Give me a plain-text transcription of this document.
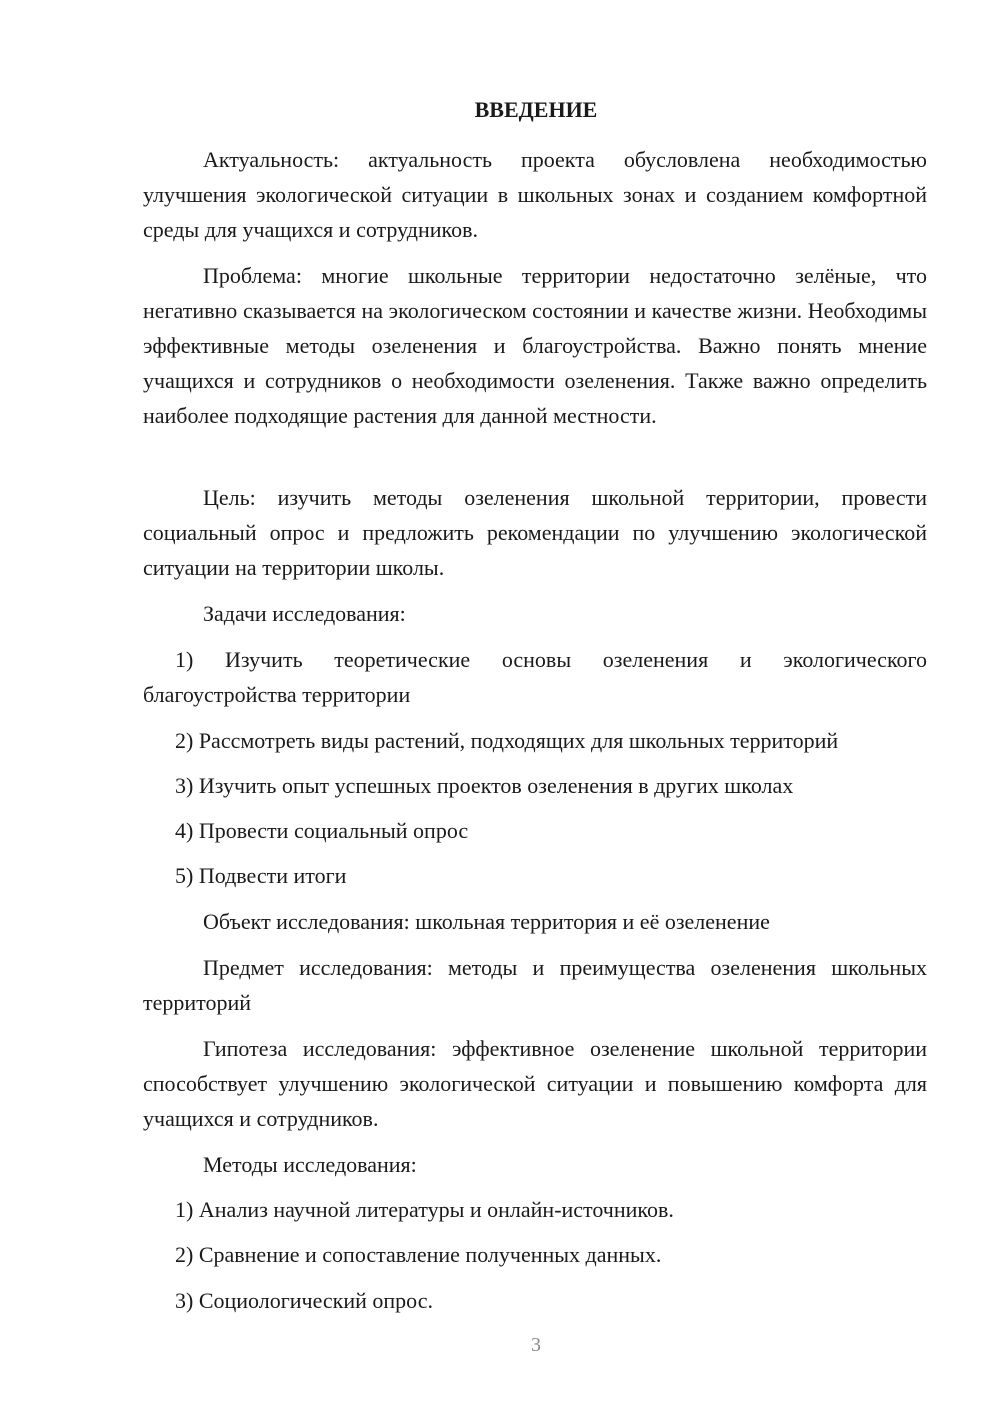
ВВЕДЕНИЕ

Актуальность: актуальность проекта обусловлена необходимостью улучшения экологической ситуации в школьных зонах и созданием комфортной среды для учащихся и сотрудников.

Проблема: многие школьные территории недостаточно зелёные, что негативно сказывается на экологическом состоянии и качестве жизни. Необходимы эффективные методы озеленения и благоустройства. Важно понять мнение учащихся и сотрудников о необходимости озеленения. Также важно определить наиболее подходящие растения для данной местности.

Цель: изучить методы озеленения школьной территории, провести социальный опрос и предложить рекомендации по улучшению экологической ситуации на территории школы.

Задачи исследования:

1) Изучить теоретические основы озеленения и экологического благоустройства территории

2) Рассмотреть виды растений, подходящих для школьных территорий

3) Изучить опыт успешных проектов озеленения в других школах

4) Провести социальный опрос

5) Подвести итоги

Объект исследования: школьная территория и её озеленение

Предмет исследования: методы и преимущества озеленения школьных территорий

Гипотеза исследования: эффективное озеленение школьной территории способствует улучшению экологической ситуации и повышению комфорта для учащихся и сотрудников.

Методы исследования:

1) Анализ научной литературы и онлайн-источников.

2) Сравнение и сопоставление полученных данных.

3) Социологический опрос.

3
